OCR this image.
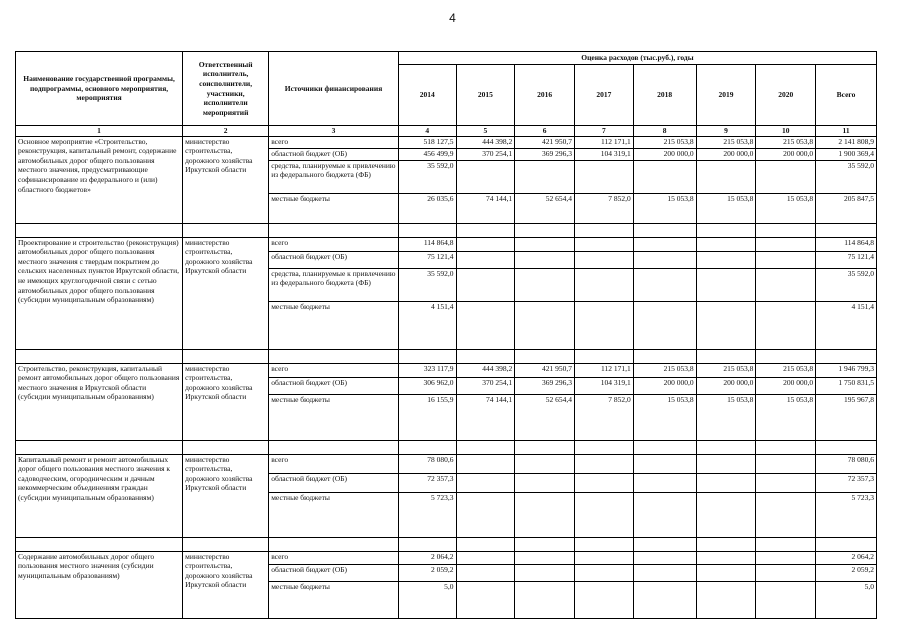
4
Наименование государственной программы, подпрограммы, основного мероприятия, мероприятия	Ответственный исполнитель, соисполнители, участники, исполнители мероприятий	Источники финансирования	Оценка расходов (тыс.руб.), годы							
			2014	2015	2016	2017	2018	2019	2020	Всего
1	2	3	4	5	6	7	8	9	10	11
Основное мероприятие «Строительство, реконструкция, капитальный ремонт, содержание автомобильных дорог общего пользования местного значения, предусматривающие софинансирование из федерального и (или) областного бюджетов»	министерство строительства, дорожного хозяйства Иркутской области	всего	518 127,5	444 398,2	421 950,7	112 171,1	215 053,8	215 053,8	215 053,8	2 141 808,9
		областной бюджет (ОБ)	456 499,9	370 254,1	369 296,3	104 319,1	200 000,0	200 000,0	200 000,0	1 900 369,4
		средства, планируемые к привлечению из федерального бюджета (ФБ)	35 592,0							35 592,0
		местные бюджеты	26 035,6	74 144,1	52 654,4	7 852,0	15 053,8	15 053,8	15 053,8	205 847,5

Проектирование и строительство (реконструкция) автомобильных дорог общего пользования местного значения с твердым покрытием до сельских населенных пунктов Иркутской области, не имеющих круглогодичной связи с сетью автомобильных дорог общего пользования (субсидии муниципальным образованиям)	министерство строительства, дорожного хозяйства Иркутской области	всего	114 864,8							114 864,8
		областной бюджет (ОБ)	75 121,4							75 121,4
		средства, планируемые к привлечению из федерального бюджета (ФБ)	35 592,0							35 592,0
		местные бюджеты	4 151,4							4 151,4

Строительство, реконструкция, капитальный ремонт автомобильных дорог общего пользования местного значения в Иркутской области (субсидии муниципальным образованиям)	министерство строительства, дорожного хозяйства Иркутской области	всего	323 117,9	444 398,2	421 950,7	112 171,1	215 053,8	215 053,8	215 053,8	1 946 799,3
		областной бюджет (ОБ)	306 962,0	370 254,1	369 296,3	104 319,1	200 000,0	200 000,0	200 000,0	1 750 831,5
		местные бюджеты	16 155,9	74 144,1	52 654,4	7 852,0	15 053,8	15 053,8	15 053,8	195 967,8

Капитальный ремонт и ремонт автомобильных дорог общего пользования местного значения к садоводческим, огородническим и дачным некоммерческим объединениям граждан (субсидии муниципальным образованиям)	министерство строительства, дорожного хозяйства Иркутской области	всего	78 080,6							78 080,6
		областной бюджет (ОБ)	72 357,3							72 357,3
		местные бюджеты	5 723,3							5 723,3

Содержание автомобильных дорог общего пользования местного значения (субсидии муниципальным образованиям)	министерство строительства, дорожного хозяйства Иркутской области	всего	2 064,2							2 064,2
		областной бюджет (ОБ)	2 059,2							2 059,2
		местные бюджеты	5,0							5,0
